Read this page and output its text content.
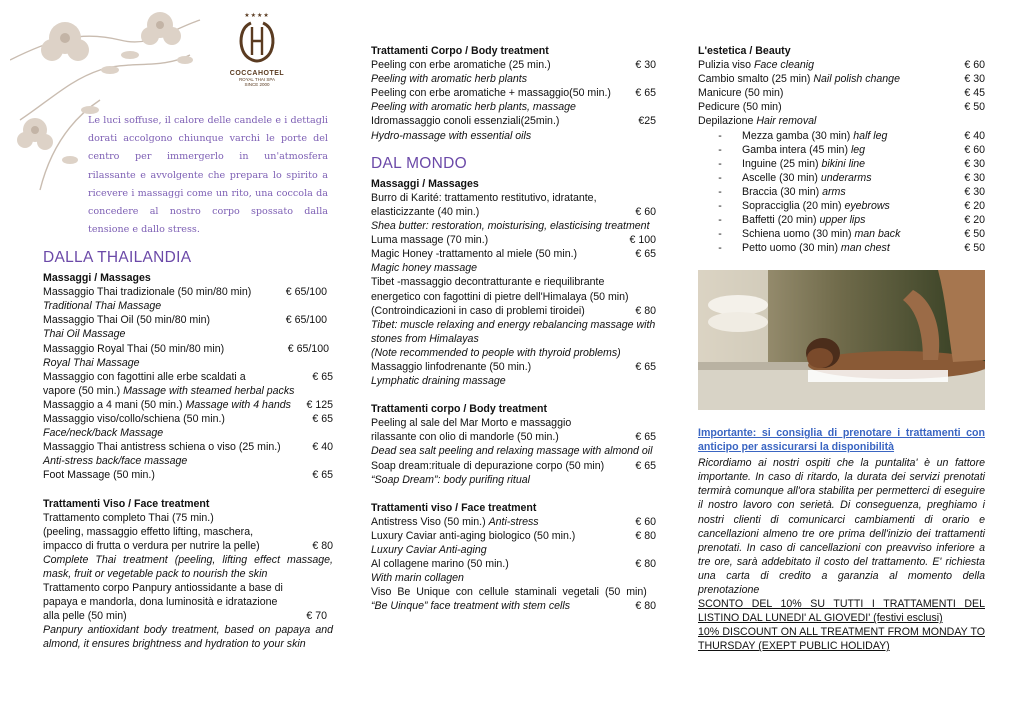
★★★★
COCCAHOTEL
ROYAL THAI SPA
SINCE 2000
Le luci soffuse, il calore delle candele e i dettagli dorati accolgono chiunque varchi le porte del centro per immergerlo in un'atmosfera rilassante e avvolgente che prepara lo spirito a ricevere i massaggi come un rito, una coccola da concedere al nostro corpo spossato dalla tensione e dallo stress.
DALLA THAILANDIA
Massaggi / Massages
Massaggio Thai tradizionale (50 min/80 min)	€ 65/100
Traditional Thai Massage
Massaggio Thai Oil (50 min/80 min)	€ 65/100
Thai Oil Massage
Massaggio Royal Thai (50 min/80 min)	€ 65/100
Royal Thai Massage
Massaggio con fagottini alle erbe scaldati a	€ 65
vapore (50 min.) Massage with steamed herbal packs
Massaggio a 4 mani (50 min.) Massage with 4 hands	€ 125
Massaggio viso/collo/schiena (50 min.)	€ 65
Face/neck/back Massage
Massaggio Thai antistress schiena o viso (25 min.)	€ 40
Anti-stress back/face massage
Foot Massage (50 min.)	€ 65
Trattamenti Viso / Face treatment
Trattamento completo Thai (75 min.)
(peeling, massaggio effetto lifting, maschera,
impacco di frutta o verdura per nutrire la pelle)	€ 80
Complete Thai treatment (peeling, lifting effect massage, mask, fruit or vegetable pack to nourish the skin
Trattamento corpo Panpury antiossidante a base di
papaya e mandorla, dona luminosità e idratazione
alla pelle (50 min)	€ 70
Panpury antioxidant body treatment, based on papaya and almond, it ensures brightness and hydration to your skin
Trattamenti Corpo / Body treatment
Peeling con erbe aromatiche (25 min.)	€ 30
Peeling with aromatic herb plants
Peeling con erbe aromatiche + massaggio(50 min.)	€ 65
Peeling with aromatic herb plants, massage
Idromassaggio conoli essenziali(25min.)	€25
Hydro-massage with essential oils
DAL MONDO
Massaggi / Massages
Burro di Karité: trattamento restitutivo, idratante,
elasticizzante (40 min.)	€ 60
Shea butter: restoration, moisturising, elasticising treatment
Luma massage (70 min.)	€ 100
Magic Honey -trattamento al miele (50 min.)	€ 65
Magic honey massage
Tibet -massaggio decontratturante e riequilibrante
energetico con fagottini di pietre dell'Himalaya (50 min)
(Controindicazioni in caso di problemi tiroidei)	€ 80
Tibet: muscle relaxing and energy rebalancing massage with stones from Himalayas
(Note recommended to people with thyroid problems)
Massaggio linfodrenante (50 min.)	€ 65
Lymphatic draining massage
Trattamenti corpo / Body treatment
Peeling al sale del Mar Morto e massaggio
rilassante con olio di mandorle (50 min.)	€ 65
Dead sea salt peeling and relaxing massage with almond oil
Soap dream:rituale di depurazione corpo (50 min)	€ 65
“Soap Dream”: body purifing ritual
Trattamenti viso / Face treatment
Antistress Viso (50 min.) Anti-stress	€ 60
Luxury Caviar anti-aging biologico (50 min.)	€ 80
Luxury Caviar Anti-aging
Al collagene marino (50 min.)	€ 80
With marin collagen
Viso Be Unique con cellule staminali vegetali (50 min)
“Be Uinque” face treatment with stem cells	€ 80
L'estetica / Beauty
Pulizia viso Face cleanig	€ 60
Cambio smalto (25 min) Nail polish change	€ 30
Manicure (50 min)	€ 45
Pedicure (50 min)	€ 50
Depilazione Hair removal
-	Mezza gamba (30 min) half leg	€ 40
-	Gamba intera (45 min) leg	€ 60
-	Inguine (25 min) bikini line	€ 30
-	Ascelle (30 min) underarms	€ 30
-	Braccia (30 min) arms	€ 30
-	Sopracciglia (20 min) eyebrows	€ 20
-	Baffetti (20 min) upper lips	€ 20
-	Schiena uomo (30 min) man back	€ 50
-	Petto uomo (30 min) man chest	€ 50
Importante: si consiglia di prenotare i trattamenti con anticipo per assicurarsi la disponibilità
Ricordiamo ai nostri ospiti che la puntalita' è un fattore importante. In caso di ritardo, la durata dei servizi prenotati termirà comunque all'ora stabilita per permetterci di eseguire il nostro lavoro con serietà. Di conseguenza, preghiamo i nostri clienti di comunicarci cambiamenti di orario e cancellazioni almeno tre ore prima dell'inizio dei trattamenti prenotati. In caso di cancellazioni con preavviso inferiore a tre ore, sarà addebitato il costo del trattamento. E' richiesta una carta di credito a garanzia al momento della prenotazione
SCONTO DEL 10% SU TUTTI I TRATTAMENTI DEL LISTINO DAL LUNEDI' AL GIOVEDI' (festivi esclusi)
10% DISCOUNT ON ALL TREATMENT FROM MONDAY TO THURSDAY (EXEPT PUBLIC HOLIDAY)
